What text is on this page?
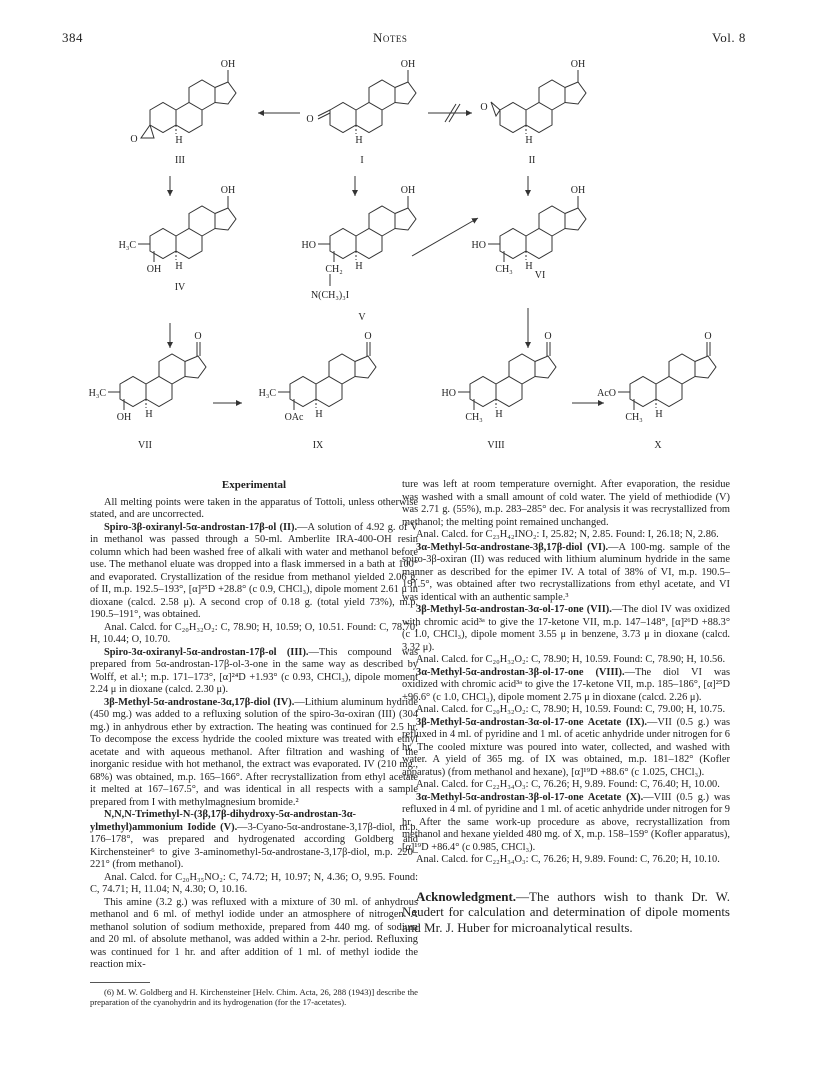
384	Notes	Vol. 8
OH
H
O
OH
H
O
OH
H
O
OH
H
H₃C
OH
OH
H
HO
CH₂
OH
H
HO
CH₃
O
H
H₃C
OH
O
H
H₃C
OAc
O
H
HO
CH₃
O
H
AcO
CH₃
III	I	II
IV
V
VI
VII	IX	VIII	X
N(CH₃)₃I
Experimental

All melting points were taken in the apparatus of Tottoli, unless otherwise stated, and are uncorrected.

Spiro-3β-oxiranyl-5α-androstan-17β-ol (II).—A solution of 4.92 g. of V in methanol was passed through a 50-ml. Amberlite IRA-400-OH resin column which had been washed free of alkali with water and methanol before use. The methanol eluate was dropped into a flask immersed in a bath at 100° and evaporated. Crystallization of the residue from methanol yielded 2.06 g. of II, m.p. 192.5–193°, [α]²⁵D +28.8° (c 0.9, CHCl₃), dipole moment 2.61 μ in dioxane (calcd. 2.58 μ). A second crop of 0.18 g. (total yield 73%), m.p. 190.5–191°, was obtained.

Anal. Calcd. for C₂₀H₃₂O₂: C, 78.90; H, 10.59; O, 10.51. Found: C, 78.70; H, 10.44; O, 10.70.

Spiro-3α-oxiranyl-5α-androstan-17β-ol (III).—This compound was prepared from 5α-androstan-17β-ol-3-one in the same way as described by Wolff, et al.¹; m.p. 171–173°, [α]²⁴D +1.93° (c 0.93, CHCl₃), dipole moment 2.24 μ in dioxane (calcd. 2.30 μ).

3β-Methyl-5α-androstane-3α,17β-diol (IV).—Lithium aluminum hydride (450 mg.) was added to a refluxing solution of the spiro-3α-oxiran (III) (304 mg.) in anhydrous ether by extraction. The heating was continued for 2.5 hr. To decompose the excess hydride the cooled mixture was treated with ethyl acetate and with aqueous methanol. After filtration and washing of the inorganic residue with hot methanol, the extract was evaporated. IV (210 mg., 68%) was obtained, m.p. 165–166°. After recrystallization from ethyl acetate it melted at 167–167.5°, and was identical in all respects with a sample prepared from I with methylmagnesium bromide.²

N,N,N-Trimethyl-N-(3β,17β-dihydroxy-5α-androstan-3α-ylmethyl)ammonium Iodide (V).—3-Cyano-5α-androstane-3,17β-diol, m.p. 176–178°, was prepared and hydrogenated according Goldberg and Kirchensteiner⁶ to give 3-aminomethyl-5α-androstane-3,17β-diol, m.p. 220–221° (from methanol).

Anal. Calcd. for C₂₀H₃₅NO₂: C, 74.72; H, 10.97; N, 4.36; O, 9.95. Found: C, 74.71; H, 11.04; N, 4.30; O, 10.16.

This amine (3.2 g.) was refluxed with a mixture of 30 ml. of anhydrous methanol and 6 ml. of methyl iodide under an atmosphere of nitrogen. A methanol solution of sodium methoxide, prepared from 440 mg. of sodium and 20 ml. of absolute methanol, was added within a 2-hr. period. Refluxing was continued for 1 hr. and after addition of 1 ml. of methyl iodide the reaction mix-

(6) M. W. Goldberg and H. Kirchensteiner [Helv. Chim. Acta, 26, 288 (1943)] describe the preparation of the cyanohydrin and its hydrogenation (for the 17-acetates).

ture was left at room temperature overnight. After evaporation, the residue was washed with a small amount of cold water. The yield of methiodide (V) was 2.71 g. (55%), m.p. 283–285° dec. For analysis it was recrystallized from methanol; the melting point remained unchanged.

Anal. Calcd. for C₂₃H₄₂INO₂: I, 25.82; N, 2.85. Found: I, 26.18; N, 2.86.

3α-Methyl-5α-androstane-3β,17β-diol (VI).—A 100-mg. sample of the spiro-3β-oxiran (II) was reduced with lithium aluminum hydride in the same manner as described for the epimer IV. A total of 38% of VI, m.p. 190.5–191.5°, was obtained after two recrystallizations from ethyl acetate, and VI was identical with an authentic sample.³

3β-Methyl-5α-androstan-3α-ol-17-one (VII).—The diol IV was oxidized with chromic acid³ᵃ to give the 17-ketone VII, m.p. 147–148°, [α]²⁶D +88.3° (c 1.0, CHCl₃), dipole moment 3.55 μ in benzene, 3.73 μ in dioxane (calcd. 3.32 μ).

Anal. Calcd. for C₂₀H₃₂O₂: C, 78.90; H, 10.59. Found: C, 78.90; H, 10.56.

3α-Methyl-5α-androstan-3β-ol-17-one (VIII).—The diol VI was oxidized with chromic acid³ᵃ to give the 17-ketone VII, m.p. 185–186°, [α]²⁵D +96.6° (c 1.0, CHCl₃), dipole moment 2.75 μ in dioxane (calcd. 2.26 μ).

Anal. Calcd. for C₂₀H₃₂O₂: C, 78.90; H, 10.59. Found: C, 79.00; H, 10.75.

3β-Methyl-5α-androstan-3α-ol-17-one Acetate (IX).—VII (0.5 g.) was refluxed in 4 ml. of pyridine and 1 ml. of acetic anhydride under nitrogen for 6 hr. The cooled mixture was poured into water, collected, and washed with water. A yield of 365 mg. of IX was obtained, m.p. 181–182° (Kofler apparatus) (from methanol and hexane), [α]¹⁹D +88.6° (c 1.025, CHCl₃).

Anal. Calcd. for C₂₂H₃₄O₃: C, 76.26; H, 9.89. Found: C, 76.40; H, 10.00.

3α-Methyl-5α-androstan-3β-ol-17-one Acetate (X).—VIII (0.5 g.) was refluxed in 4 ml. of pyridine and 1 ml. of acetic anhydride under nitrogen for 9 hr. After the same work-up procedure as above, recrystallization from methanol and hexane yielded 480 mg. of X, m.p. 158–159° (Kofler apparatus), [α]¹⁹D +86.4° (c 0.985, CHCl₃).

Anal. Calcd. for C₂₂H₃₄O₃: C, 76.26; H, 9.89. Found: C, 76.20; H, 10.10.

Acknowledgment.—The authors wish to thank Dr. W. Neudert for calculation and determination of dipole moments and Mr. J. Huber for microanalytical results.
